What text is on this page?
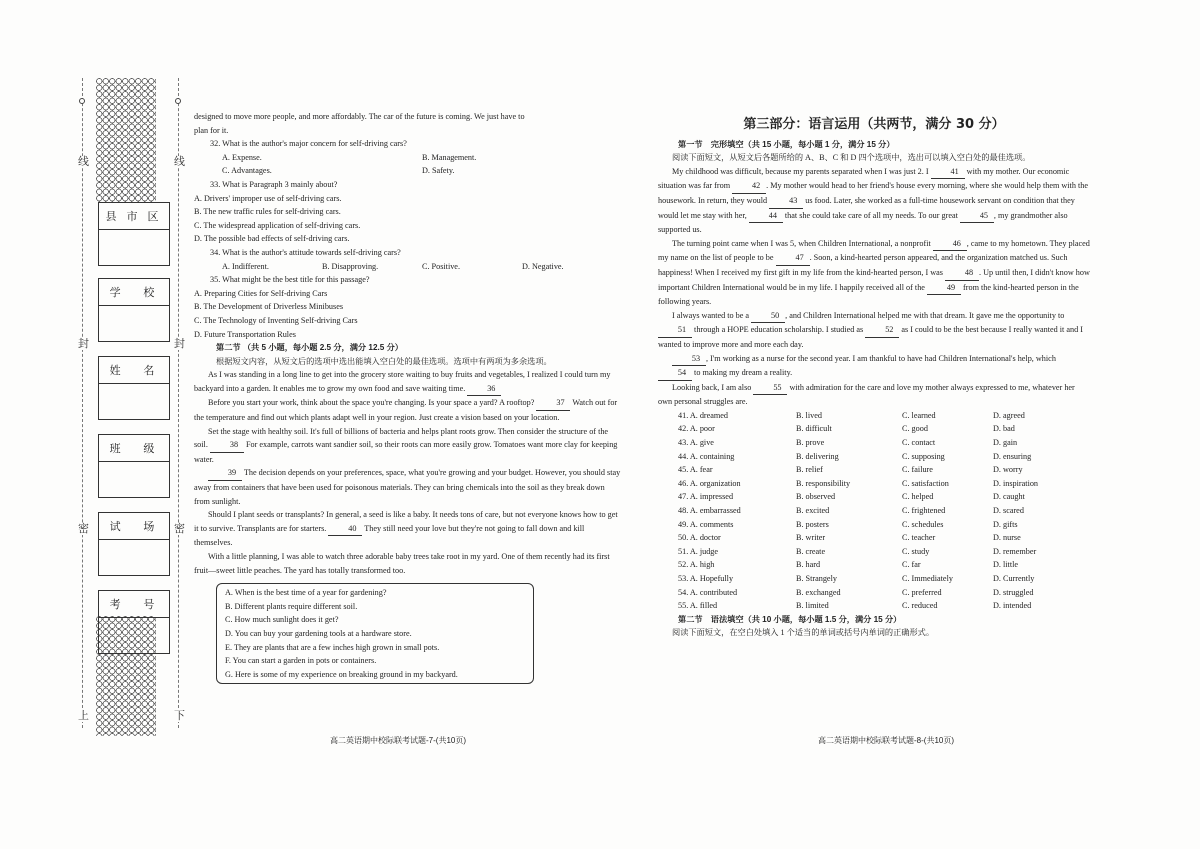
线	线
封	封
密	密
上	下
县市区
学 校
姓 名
班 级
试 场
考 号

designed to move more people, and more affordably. The car of the future is coming. We just have to

plan for it.

32. What is the author's major concern for self-driving cars?

A. Expense.	B. Management.
C. Advantages.	D. Safety.

33. What is Paragraph 3 mainly about?

A. Drivers' improper use of self-driving cars.

B. The new traffic rules for self-driving cars.

C. The widespread application of self-driving cars.

D. The possible bad effects of self-driving cars.

34. What is the author's attitude towards self-driving cars?

A. Indifferent.	B. Disapproving.	C. Positive.	D. Negative.

35. What might be the best title for this passage?

A. Preparing Cities for Self-driving Cars

B. The Development of Driverless Minibuses

C. The Technology of Inventing Self-driving Cars

D. Future Transportation Rules

第二节 （共 5 小题，每小题 2.5 分，满分 12.5 分）

根据短文内容，从短文后的选项中选出能填入空白处的最佳选项。选项中有两项为多余选项。

As I was standing in a long line to get into the grocery store waiting to buy fruits and vegetables, I realized I could turn my backyard into a garden. It enables me to grow my own food and save waiting time.	36

Before you start your work, think about the space you're changing. Is your space a yard? A rooftop?	37 Watch out for the temperature and find out which plants adapt well in your region. Just create a vision based on your location.

Set the stage with healthy soil. It's full of billions of bacteria and helps plant roots grow. Then consider the structure of the soil.	38 For example, carrots want sandier soil, so their roots can more easily grow. Tomatoes want more clay for keeping water.

39 The decision depends on your preferences, space, what you're growing and your budget. However, you should stay away from containers that have been used for poisonous materials. They can bring chemicals into the soil as they break down from sunlight.

Should I plant seeds or transplants? In general, a seed is like a baby. It needs tons of care, but not everyone knows how to get it to survive. Transplants are for starters.	40 They still need your love but they're not going to fall down and kill themselves.

With a little planning, I was able to watch three adorable baby trees take root in my yard. One of them recently had its first fruit—sweet little peaches. The yard has totally transformed too.

A. When is the best time of a year for gardening?

B. Different plants require different soil.

C. How much sunlight does it get?

D. You can buy your gardening tools at a hardware store.

E. They are plants that are a few inches high grown in small pots.

F. You can start a garden in pots or containers.

G. Here is some of my experience on breaking ground in my backyard.

高二英语期中校际联考试题-7-(共10页)

第三部分：语言运用（共两节，满分 30 分）

第一节　完形填空（共 15 小题，每小题 1 分，满分 15 分）

阅读下面短文，从短文后各题所给的 A、B、C 和 D 四个选项中，选出可以填入空白处的最佳选项。

My childhood was difficult, because my parents separated when I was just 2. I 41 with my mother. Our economic situation was far from 42 . My mother would head to her friend's house every morning, where she would help them with the housework. In return, they would 43 us food. Later, she worked as a full-time housework servant on condition that they would let me stay with her, 44 that she could take care of all my needs. To our great 45 , my grandmother also supported us.

The turning point came when I was 5, when Children International, a nonprofit 46 , came to my hometown. They placed my name on the list of people to be 47 . Soon, a kind-hearted person appeared, and the organization matched us. Such happiness! When I received my first gift in my life from the kind-hearted person, I was 48 . Up until then, I didn't know how important Children International would be in my life. I happily received all of the 49 from the kind-hearted person in the following years.

I always wanted to be a 50 , and Children International helped me with that dream. It gave me the opportunity to 51 through a HOPE education scholarship. I studied as 52 as I could to be the best because I really wanted it and I wanted to improve more and more each day.

53 , I'm working as a nurse for the second year. I am thankful to have had Children International's help, which 54 to making my dream a reality.

Looking back, I am also 55 with admiration for the care and love my mother always expressed to me, whatever her own personal struggles are.

41. A. dreamed	B. lived	C. learned	D. agreed
42. A. poor	B. difficult	C. good	D. bad
43. A. give	B. prove	C. contact	D. gain
44. A. containing	B. delivering	C. supposing	D. ensuring
45. A. fear	B. relief	C. failure	D. worry
46. A. organization	B. responsibility	C. satisfaction	D. inspiration
47. A. impressed	B. observed	C. helped	D. caught
48. A. embarrassed	B. excited	C. frightened	D. scared
49. A. comments	B. posters	C. schedules	D. gifts
50. A. doctor	B. writer	C. teacher	D. nurse
51. A. judge	B. create	C. study	D. remember
52. A. high	B. hard	C. far	D. little
53. A. Hopefully	B. Strangely	C. Immediately	D. Currently
54. A. contributed	B. exchanged	C. preferred	D. struggled
55. A. filled	B. limited	C. reduced	D. intended

第二节　语法填空（共 10 小题，每小题 1.5 分，满分 15 分）

阅读下面短文，在空白处填入 1 个适当的单词或括号内单词的正确形式。

高二英语期中校际联考试题-8-(共10页)
